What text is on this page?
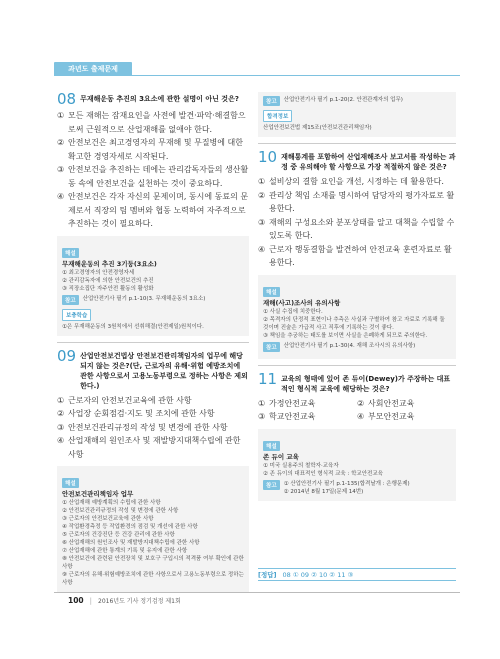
과년도 출제문제
08 무재해운동 추진의 3요소에 관한 설명이 아닌 것은?
① 모든 재해는 잠재요인을 사전에 발견·파악·해결함으로써 근원적으로 산업재해를 없애야 한다.
② 안전보건은 최고경영자의 무재해 및 무질병에 대한 확고한 경영자세로 시작된다.
③ 안전보건을 추진하는 데에는 관리감독자들의 생산활동 속에 안전보건을 실천하는 것이 중요하다.
④ 안전보건은 각자 자신의 문제이며, 동시에 동료의 문제로서 직장의 팀 멤버와 협동 노력하여 자주적으로 추진하는 것이 필요하다.
해설
무재해운동의 추진 3기둥(3요소)
① 최고경영자의 안전경영자세
② 관리감독자에 의한 안전보건의 추진
③ 직장소집단 자주안전 활동의 활성화
참고	산업안전기사 필기 p.1-10(3. 무재해운동의 3요소)
보충학습
①은 무재해운동의 3원칙에서 선취해결(안전제일)원칙이다.
09 산업안전보건법상 안전보건관리책임자의 업무에 해당되지 않는 것은?(단, 근로자의 유해·위험 예방조치에 관한 사항으로서 고용노동부령으로 정하는 사항은 제외한다.)
① 근로자의 안전보건교육에 관한 사항
② 사업장 순회점검·지도 및 조치에 관한 사항
③ 안전보건관리규정의 작성 및 변경에 관한 사항
④ 산업재해의 원인조사 및 재발방지대책수립에 관한 사항
해설
안전보건관리책임자 업무
① 산업재해 예방계획의 수립에 관한 사항
② 안전보건관리규정의 작성 및 변경에 관한 사항
③ 근로자의 안전보건교육에 관한 사항
④ 작업환경측정 등 작업환경의 점검 및 개선에 관한 사항
⑤ 근로자의 건강진단 등 건강 관리에 관한 사항
⑥ 산업재해의 원인조사 및 재발방지대책수립에 관한 사항
⑦ 산업재해에 관한 통계의 기록 및 유지에 관한 사항
⑧ 안전보건에 관련된 안전장치 및 보호구 구입시의 적격품 여부 확인에 관한 사항
⑨ 근로자의 유해·위험예방조치에 관한 사항으로서 고용노동부령으로 정하는 사항
참고	산업안전기사 필기 p.1-20(2. 안전관계자의 업무)
합격정보
산업안전보건법 제15조(안전보건관리책임자)
10 재해통계를 포함하여 산업재해조사 보고서를 작성하는 과정 중 유의해야 할 사항으로 가장 적절하지 않은 것은?
① 설비상의 결함 요인을 개선, 시정하는 데 활용한다.
② 관리상 책임 소재를 명시하여 담당자의 평가자료로 활용한다.
③ 재해의 구성요소와 분포상태를 알고 대책을 수립할 수 있도록 한다.
④ 근로자 행동결함을 발견하여 안전교육 훈련자료로 활용한다.
해설
재해(사고)조사의 유의사항
① 사실 수집에 치중한다.
② 목격자의 단정적 표현이나 추측은 사실과 구별하여 참고 자료로 기록해 둘 것이며 진술은 가급적 사고 직후에 기록하는 것이 좋다.
③ 책임을 추궁하는 태도를 보이면 사실을 은폐하게 되므로 주의한다.
참고	산업안전기사 필기 p.1-30(4. 재해 조사시의 유의사항)
11 교육의 형태에 있어 존 듀이(Dewey)가 주장하는 대표적인 형식적 교육에 해당하는 것은?
① 가정안전교육	② 사회안전교육
③ 학교안전교육	④ 부모안전교육
해설
존 듀이 교육
① 미국 실용주의 철학자·교육자
② 존 듀이의 대표적인 형식적 교육 : 학교안전교육
참고	① 산업안전기사 필기 p.1-135(합격날개 : 은행문제)
② 2014년 8월 17일(문제 14번)
[정답] 08 ① 09 ② 10 ② 11 ③
100 | 2016년도 기사 정기검정 제1회
